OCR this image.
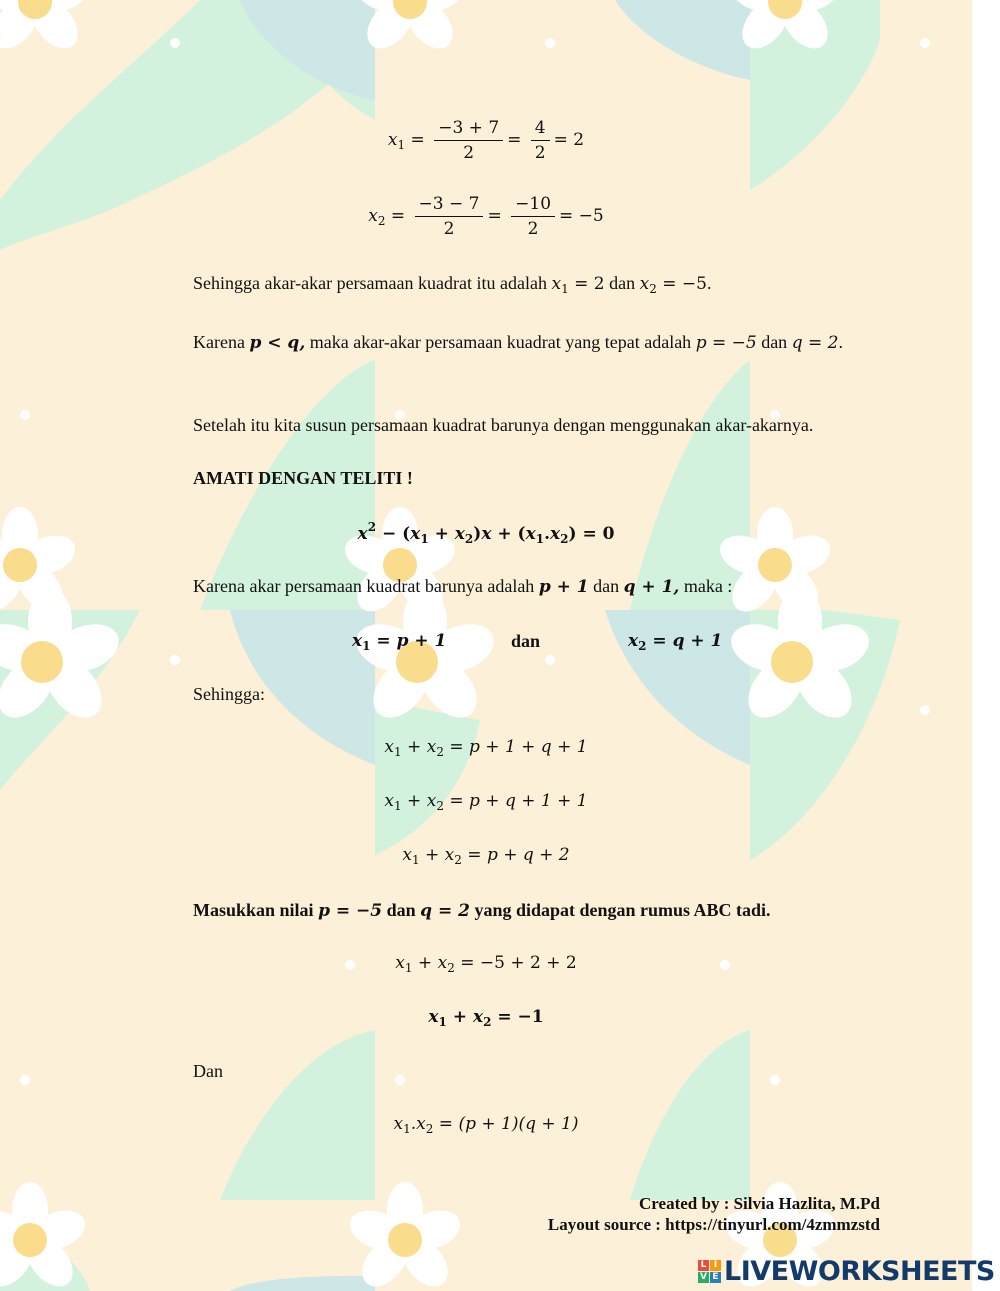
$x_1 = \frac{-3 + 7}{2} = \frac{4}{2} = 2$
$x_2 = \frac{-3 - 7}{2} = \frac{-10}{2} = -5$
Sehingga akar-akar persamaan kuadrat itu adalah $x_1 = 2$ dan $x_2 = -5$.
Karena p < q, maka akar-akar persamaan kuadrat yang tepat adalah p = −5 dan q = 2.
Setelah itu kita susun persamaan kuadrat barunya dengan menggunakan akar-akarnya.
AMATI DENGAN TELITI !
$x^2 - (x_1 + x_2)x + (x_1.x_2) = 0$
Karena akar persamaan kuadrat barunya adalah p + 1 dan q + 1, maka :
$x_1 = p + 1$	dan	$x_2 = q + 1$
Sehingga:
$x_1 + x_2 = p + 1 + q + 1$
$x_1 + x_2 = p + q + 1 + 1$
$x_1 + x_2 = p + q + 2$
Masukkan nilai p = −5 dan q = 2 yang didapat dengan rumus ABC tadi.
$x_1 + x_2 = -5 + 2 + 2$
$x_1 + x_2 = -1$
Dan
$x_1.x_2 = (p + 1)(q + 1)$
Created by : Silvia Hazlita, M.Pd
Layout source : https://tinyurl.com/4zmmzstd
L I
V E LIVEWORKSHEETS
